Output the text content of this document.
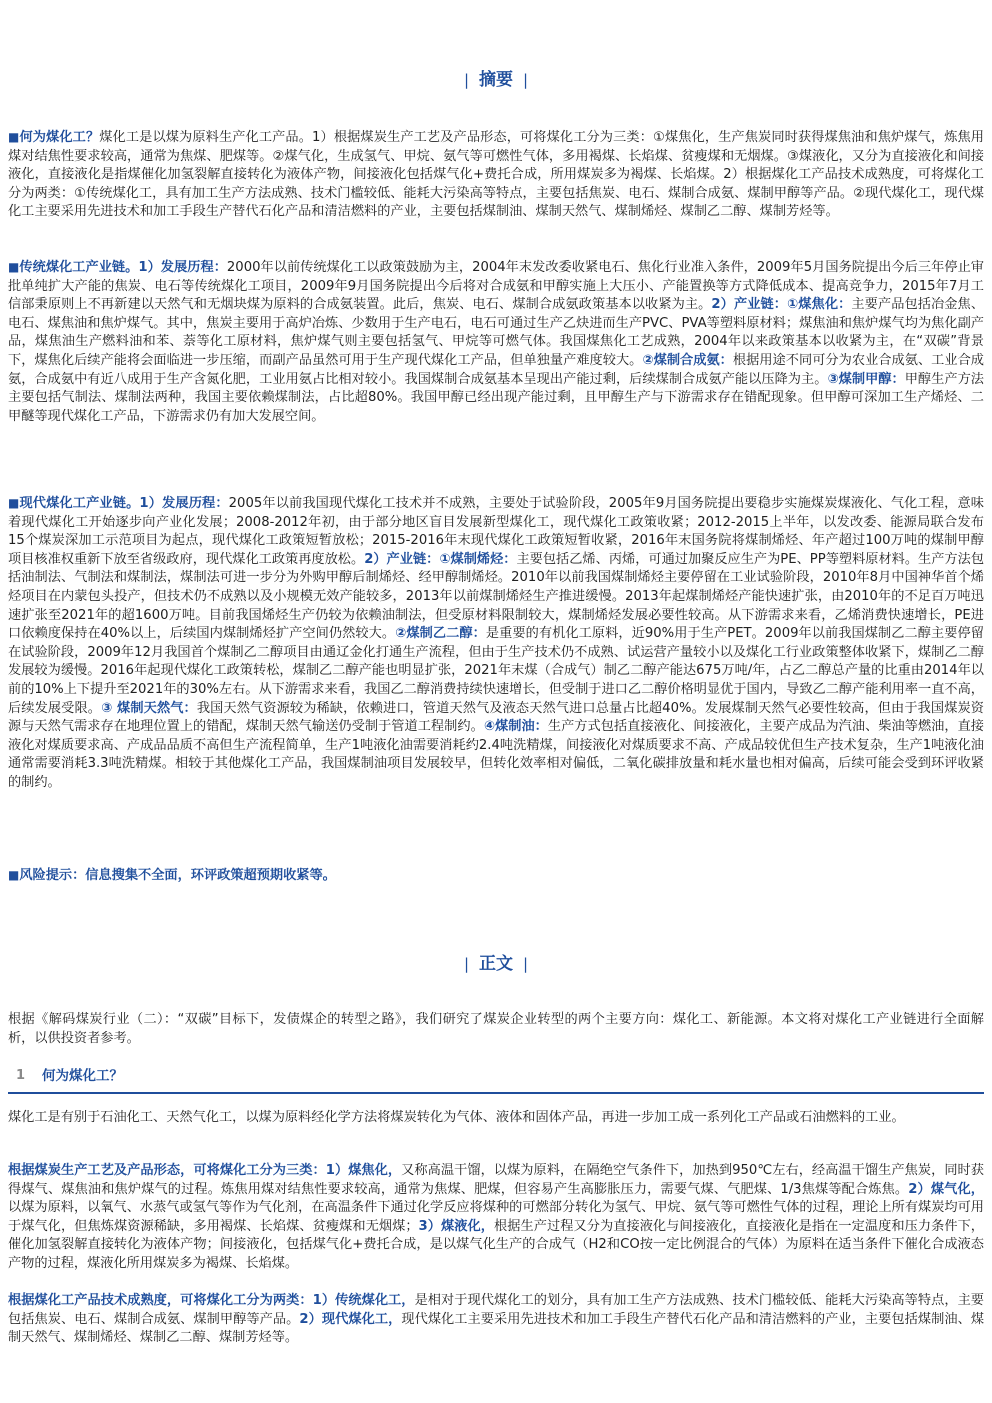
| 摘要 |

■何为煤化工？煤化工是以煤为原料生产化工产品。1）根据煤炭生产工艺及产品形态，可将煤化工分为三类：①煤焦化，生产焦炭同时获得煤焦油和焦炉煤气，炼焦用煤对结焦性要求较高，通常为焦煤、肥煤等。②煤气化，生成氢气、甲烷、氨气等可燃性气体，多用褐煤、长焰煤、贫瘦煤和无烟煤。③煤液化，又分为直接液化和间接液化，直接液化是指煤催化加氢裂解直接转化为液体产物，间接液化包括煤气化+费托合成，所用煤炭多为褐煤、长焰煤。2）根据煤化工产品技术成熟度，可将煤化工分为两类：①传统煤化工，具有加工生产方法成熟、技术门槛较低、能耗大污染高等特点，主要包括焦炭、电石、煤制合成氨、煤制甲醇等产品。②现代煤化工，现代煤化工主要采用先进技术和加工手段生产替代石化产品和清洁燃料的产业，主要包括煤制油、煤制天然气、煤制烯烃、煤制乙二醇、煤制芳烃等。

■传统煤化工产业链。1）发展历程：2000年以前传统煤化工以政策鼓励为主，2004年末发改委收紧电石、焦化行业准入条件，2009年5月国务院提出今后三年停止审批单纯扩大产能的焦炭、电石等传统煤化工项目，2009年9月国务院提出今后将对合成氨和甲醇实施上大压小、产能置换等方式降低成本、提高竞争力，2015年7月工信部秉原则上不再新建以天然气和无烟块煤为原料的合成氨装置。此后，焦炭、电石、煤制合成氨政策基本以收紧为主。2）产业链：①煤焦化：主要产品包括冶金焦、电石、煤焦油和焦炉煤气。其中，焦炭主要用于高炉冶炼、少数用于生产电石，电石可通过生产乙炔进而生产PVC、PVA等塑料原材料；煤焦油和焦炉煤气均为焦化副产品，煤焦油生产燃料油和苯、萘等化工原材料，焦炉煤气则主要包括氢气、甲烷等可燃气体。我国煤焦化工艺成熟，2004年以来政策基本以收紧为主，在“双碳”背景下，煤焦化后续产能将会面临进一步压缩，而副产品虽然可用于生产现代煤化工产品，但单独量产难度较大。②煤制合成氨：根据用途不同可分为农业合成氨、工业合成氨，合成氨中有近八成用于生产含氮化肥，工业用氨占比相对较小。我国煤制合成氨基本呈现出产能过剩，后续煤制合成氨产能以压降为主。③煤制甲醇：甲醇生产方法主要包括气制法、煤制法两种，我国主要依赖煤制法，占比超80%。我国甲醇已经出现产能过剩，且甲醇生产与下游需求存在错配现象。但甲醇可深加工生产烯烃、二甲醚等现代煤化工产品，下游需求仍有加大发展空间。

■现代煤化工产业链。1）发展历程：2005年以前我国现代煤化工技术并不成熟，主要处于试验阶段，2005年9月国务院提出要稳步实施煤炭煤液化、气化工程，意味着现代煤化工开始逐步向产业化发展；2008-2012年初，由于部分地区盲目发展新型煤化工，现代煤化工政策收紧；2012-2015上半年，以发改委、能源局联合发布15个煤炭深加工示范项目为起点，现代煤化工政策短暂放松；2015-2016年末现代煤化工政策短暂收紧，2016年末国务院将煤制烯烃、年产超过100万吨的煤制甲醇项目核准权重新下放至省级政府，现代煤化工政策再度放松。2）产业链：①煤制烯烃：主要包括乙烯、丙烯，可通过加聚反应生产为PE、PP等塑料原材料。生产方法包括油制法、气制法和煤制法，煤制法可进一步分为外购甲醇后制烯烃、经甲醇制烯烃。2010年以前我国煤制烯烃主要停留在工业试验阶段，2010年8月中国神华首个烯烃项目在内蒙包头投产，但技术仍不成熟以及小规模无效产能较多，2013年以前煤制烯烃生产推进缓慢。2013年起煤制烯烃产能快速扩张，由2010年的不足百万吨迅速扩张至2021年的超1600万吨。目前我国烯烃生产仍较为依赖油制法，但受原材料限制较大，煤制烯烃发展必要性较高。从下游需求来看，乙烯消费快速增长，PE进口依赖度保持在40%以上，后续国内煤制烯烃扩产空间仍然较大。②煤制乙二醇：是重要的有机化工原料，近90%用于生产PET。2009年以前我国煤制乙二醇主要停留在试验阶段，2009年12月我国首个煤制乙二醇项目由通辽金化打通生产流程，但由于生产技术仍不成熟、试运营产量较小以及煤化工行业政策整体收紧下，煤制乙二醇发展较为缓慢。2016年起现代煤化工政策转松，煤制乙二醇产能也明显扩张，2021年末煤（合成气）制乙二醇产能达675万吨/年，占乙二醇总产量的比重由2014年以前的10%上下提升至2021年的30%左右。从下游需求来看，我国乙二醇消费持续快速增长，但受制于进口乙二醇价格明显优于国内，导致乙二醇产能利用率一直不高，后续发展受限。③ 煤制天然气：我国天然气资源较为稀缺，依赖进口，管道天然气及液态天然气进口总量占比超40%。发展煤制天然气必要性较高，但由于我国煤炭资源与天然气需求存在地理位置上的错配，煤制天然气输送仍受制于管道工程制约。④煤制油：生产方式包括直接液化、间接液化，主要产成品为汽油、柴油等燃油，直接液化对煤质要求高、产成品品质不高但生产流程简单，生产1吨液化油需要消耗约2.4吨洗精煤，间接液化对煤质要求不高、产成品较优但生产技术复杂，生产1吨液化油通常需要消耗3.3吨洗精煤。相较于其他煤化工产品，我国煤制油项目发展较早，但转化效率相对偏低，二氧化碳排放量和耗水量也相对偏高，后续可能会受到环评收紧的制约。

■风险提示：信息搜集不全面，环评政策超预期收紧等。

| 正文 |

根据《解码煤炭行业（二）：“双碳”目标下，发债煤企的转型之路》，我们研究了煤炭企业转型的两个主要方向：煤化工、新能源。本文将对煤化工产业链进行全面解析，以供投资者参考。

1 何为煤化工？

煤化工是有别于石油化工、天然气化工，以煤为原料经化学方法将煤炭转化为气体、液体和固体产品，再进一步加工成一系列化工产品或石油燃料的工业。

根据煤炭生产工艺及产品形态，可将煤化工分为三类：1）煤焦化，又称高温干馏，以煤为原料，在隔绝空气条件下，加热到950℃左右，经高温干馏生产焦炭，同时获得煤气、煤焦油和焦炉煤气的过程。炼焦用煤对结焦性要求较高，通常为焦煤、肥煤，但容易产生高膨胀压力，需要气煤、气肥煤、1/3焦煤等配合炼焦。2）煤气化，以煤为原料，以氧气、水蒸气或氢气等作为气化剂，在高温条件下通过化学反应将煤种的可燃部分转化为氢气、甲烷、氨气等可燃性气体的过程，理论上所有煤炭均可用于煤气化，但焦炼煤资源稀缺，多用褐煤、长焰煤、贫瘦煤和无烟煤；3）煤液化，根据生产过程又分为直接液化与间接液化，直接液化是指在一定温度和压力条件下，催化加氢裂解直接转化为液体产物；间接液化，包括煤气化+费托合成，是以煤气化生产的合成气（H2和CO按一定比例混合的气体）为原料在适当条件下催化合成液态产物的过程，煤液化所用煤炭多为褐煤、长焰煤。

根据煤化工产品技术成熟度，可将煤化工分为两类：1）传统煤化工，是相对于现代煤化工的划分，具有加工生产方法成熟、技术门槛较低、能耗大污染高等特点，主要包括焦炭、电石、煤制合成氨、煤制甲醇等产品。2）现代煤化工，现代煤化工主要采用先进技术和加工手段生产替代石化产品和清洁燃料的产业，主要包括煤制油、煤制天然气、煤制烯烃、煤制乙二醇、煤制芳烃等。
